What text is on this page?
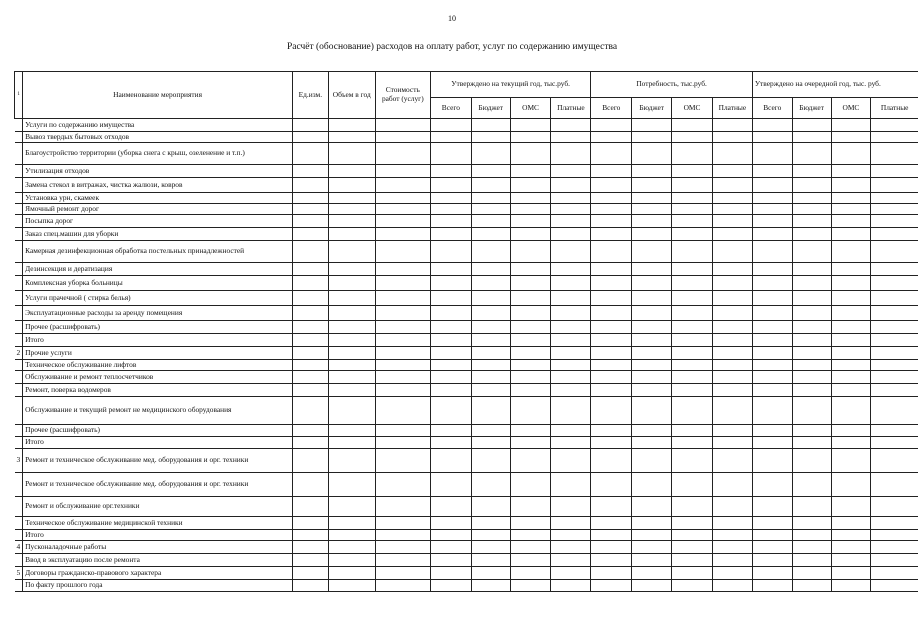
10
Расчёт (обоснование) расходов на оплату работ, услуг по содержанию имущества
1	Наименование мероприятия	Ед.изм.	Объем в год	Стоимость работ (услуг)	Утверждено на текущий год, тыс.руб.				Потребность, тыс.руб.				Утверждено на очередной год, тыс. руб.			
					Всего	Бюджет	ОМС	Платные	Всего	Бюджет	ОМС	Платные	Всего	Бюджет	ОМС	Платные
	Услуги по содержанию имущества															
	Вывоз твердых бытовых отходов															
	Благоустройство территории (уборка снега с крыш, озеленение и т.п.)															
	Утилизация отходов															
	Замена стекол в витражах, чистка жалюзи, ковров															
	Установка урн, скамеек															
	Ямочный ремонт дорог															
	Посыпка дорог															
	Заказ спец.машин для уборки															
	Камерная дезинфекционная обработка постельных принадлежностей															
	Дезинсекция и дератизация															
	Комплексная уборка больницы															
	Услуги прачечной ( стирка белья)															
	Эксплуатационные расходы за аренду помещения															
	Прочее (расшифровать)															
	Итого															
2	Прочие услуги															
	Техническое обслуживание лифтов															
	Обслуживание и ремонт теплосчетчиков															
	Ремонт, поверка водомеров															
	Обслуживание и текущий ремонт не медицинского оборудования															
	Прочее (расшифровать)															
	Итого															
3	Ремонт и техническое обслуживание мед. оборудования и орг. техники															
	Ремонт и техническое обслуживание мед. оборудования и орг. техники															
	Ремонт и обслуживание орг.техники															
	Техническое обслуживание медицинской техники															
	Итого															
4	Пусконаладочные работы															
	Ввод в эксплуатацию после ремонта															
5	Договоры гражданско-правового характера															
	По факту прошлого года															
